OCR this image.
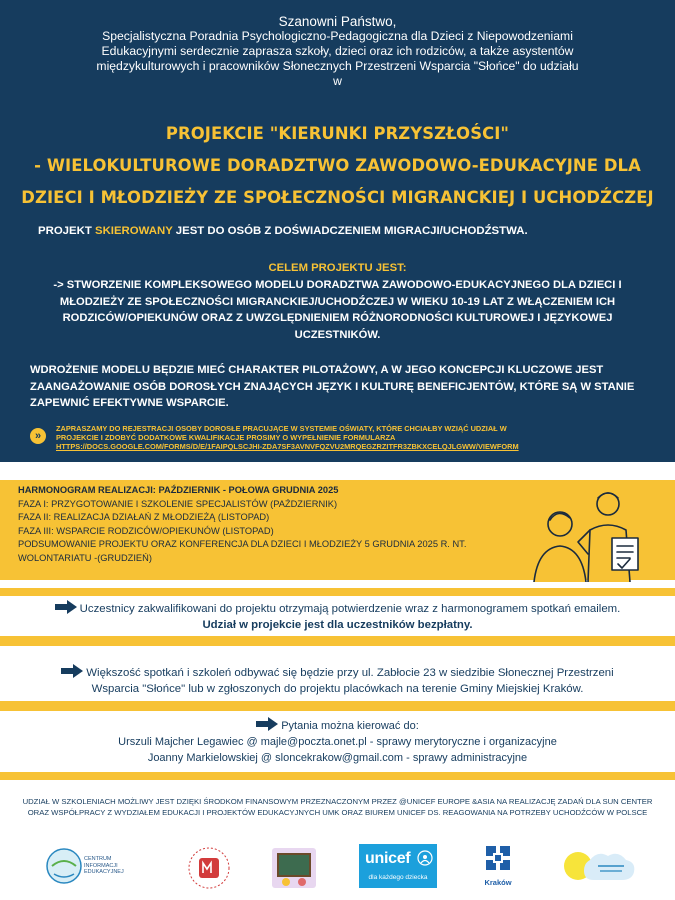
Szanowni Państwo,
Specjalistyczna Poradnia Psychologiczno-Pedagogiczna dla Dzieci z Niepowodzeniami
Edukacyjnymi serdecznie zaprasza szkoły, dzieci oraz ich rodziców, a także asystentów
międzykulturowych i pracowników Słonecznych Przestrzeni Wsparcia "Słońce" do udziału
w
PROJEKCIE "KIERUNKI PRZYSZŁOŚCI"
- WIELOKULTUROWE DORADZTWO ZAWODOWO-EDUKACYJNE DLA
DZIECI I MŁODZIEŻY ZE SPOŁECZNOŚCI MIGRANCKIEJ I UCHODŹCZEJ
PROJEKT SKIEROWANY JEST DO OSÓB Z DOŚWIADCZENIEM MIGRACJI/UCHODŹSTWA.
CELEM PROJEKTU JEST:
-> STWORZENIE KOMPLEKSOWEGO MODELU DORADZTWA ZAWODOWO-EDUKACYJNEGO DLA DZIECI I MŁODZIEŻY ZE SPOŁECZNOŚCI MIGRANCKIEJ/UCHODŹCZEJ W WIEKU 10-19 LAT Z WŁĄCZENIEM ICH RODZICÓW/OPIEKUNÓW ORAZ Z UWZGLĘDNIENIEM RÓŻNORODNOŚCI KULTUROWEJ I JĘZYKOWEJ UCZESTNIKÓW.
WDROŻENIE MODELU BĘDZIE MIEĆ CHARAKTER PILOTAŻOWY, A W JEGO KONCEPCJI KLUCZOWE JEST ZAANGAŻOWANIE OSÓB DOROSŁYCH ZNAJĄCYCH JĘZYK I KULTURĘ BENEFICJENTÓW, KTÓRE SĄ W STANIE ZAPEWNIĆ EFEKTYWNE WSPARCIE.
»
ZAPRASZAMY DO REJESTRACJI OSOBY DOROSŁE PRACUJĄCE W SYSTEMIE OŚWIATY, KTÓRE CHCIAŁBY WZIĄĆ UDZIAŁ W
PROJEKCIE I ZDOBYĆ DODATKOWE KWALIFIKACJE PROSIMY O WYPEŁNIENIE FORMULARZA
HTTPS://DOCS.GOOGLE.COM/FORMS/D/E/1FAIPQLSCJHI-ZDA7SF3AVNVFQZVU2MRQEGZRZITFR3ZBKXCELQJLGWW/VIEWFORM
HARMONOGRAM REALIZACJI: PAŹDZIERNIK - POŁOWA GRUDNIA 2025
FAZA I: PRZYGOTOWANIE I SZKOLENIE SPECJALISTÓW (PAŹDZIERNIK)
FAZA II: REALIZACJA DZIAŁAŃ Z MŁODZIEŻĄ (LISTOPAD)
FAZA III: WSPARCIE RODZICÓW/OPIEKUNÓW (LISTOPAD)
PODSUMOWANIE PROJEKTU ORAZ KONFERENCJA DLA DZIECI I MŁODZIEŻY 5 GRUDNIA 2025 R. NT.
WOLONTARIATU -(GRUDZIEŃ)
Uczestnicy zakwalifikowani do projektu otrzymają potwierdzenie wraz z harmonogramem spotkań emailem.
Udział w projekcie jest dla uczestników bezpłatny.
Większość spotkań i szkoleń odbywać się będzie przy ul. Zabłocie 23 w siedzibie Słonecznej Przestrzeni
Wsparcia "Słońce" lub w zgłoszonych do projektu placówkach na terenie Gminy Miejskiej Kraków.
Pytania można kierować do:
Urszuli Majcher Legawiec @ majle@poczta.onet.pl - sprawy merytoryczne i organizacyjne
Joanny Markielowskiej @ sloncekrakow@gmail.com - sprawy administracyjne
UDZIAŁ W SZKOLENIACH MOŻLIWY JEST DZIĘKI ŚRODKOM FINANSOWYM PRZEZNACZONYM PRZEZ @UNICEF EUROPE &ASIA NA REALIZACJĘ ZADAŃ DLA SUN CENTER ORAZ WSPÓŁPRACY Z WYDZIAŁEM EDUKACJI I PROJEKTÓW EDUKACYJNYCH UMK ORAZ BIUREM UNICEF DS. REAGOWANIA NA POTRZEBY UCHODŹCÓW W POLSCE
CENTRUM INFORMACJI EDUKACYJNEJ
unicef
dla każdego dziecka
Kraków
